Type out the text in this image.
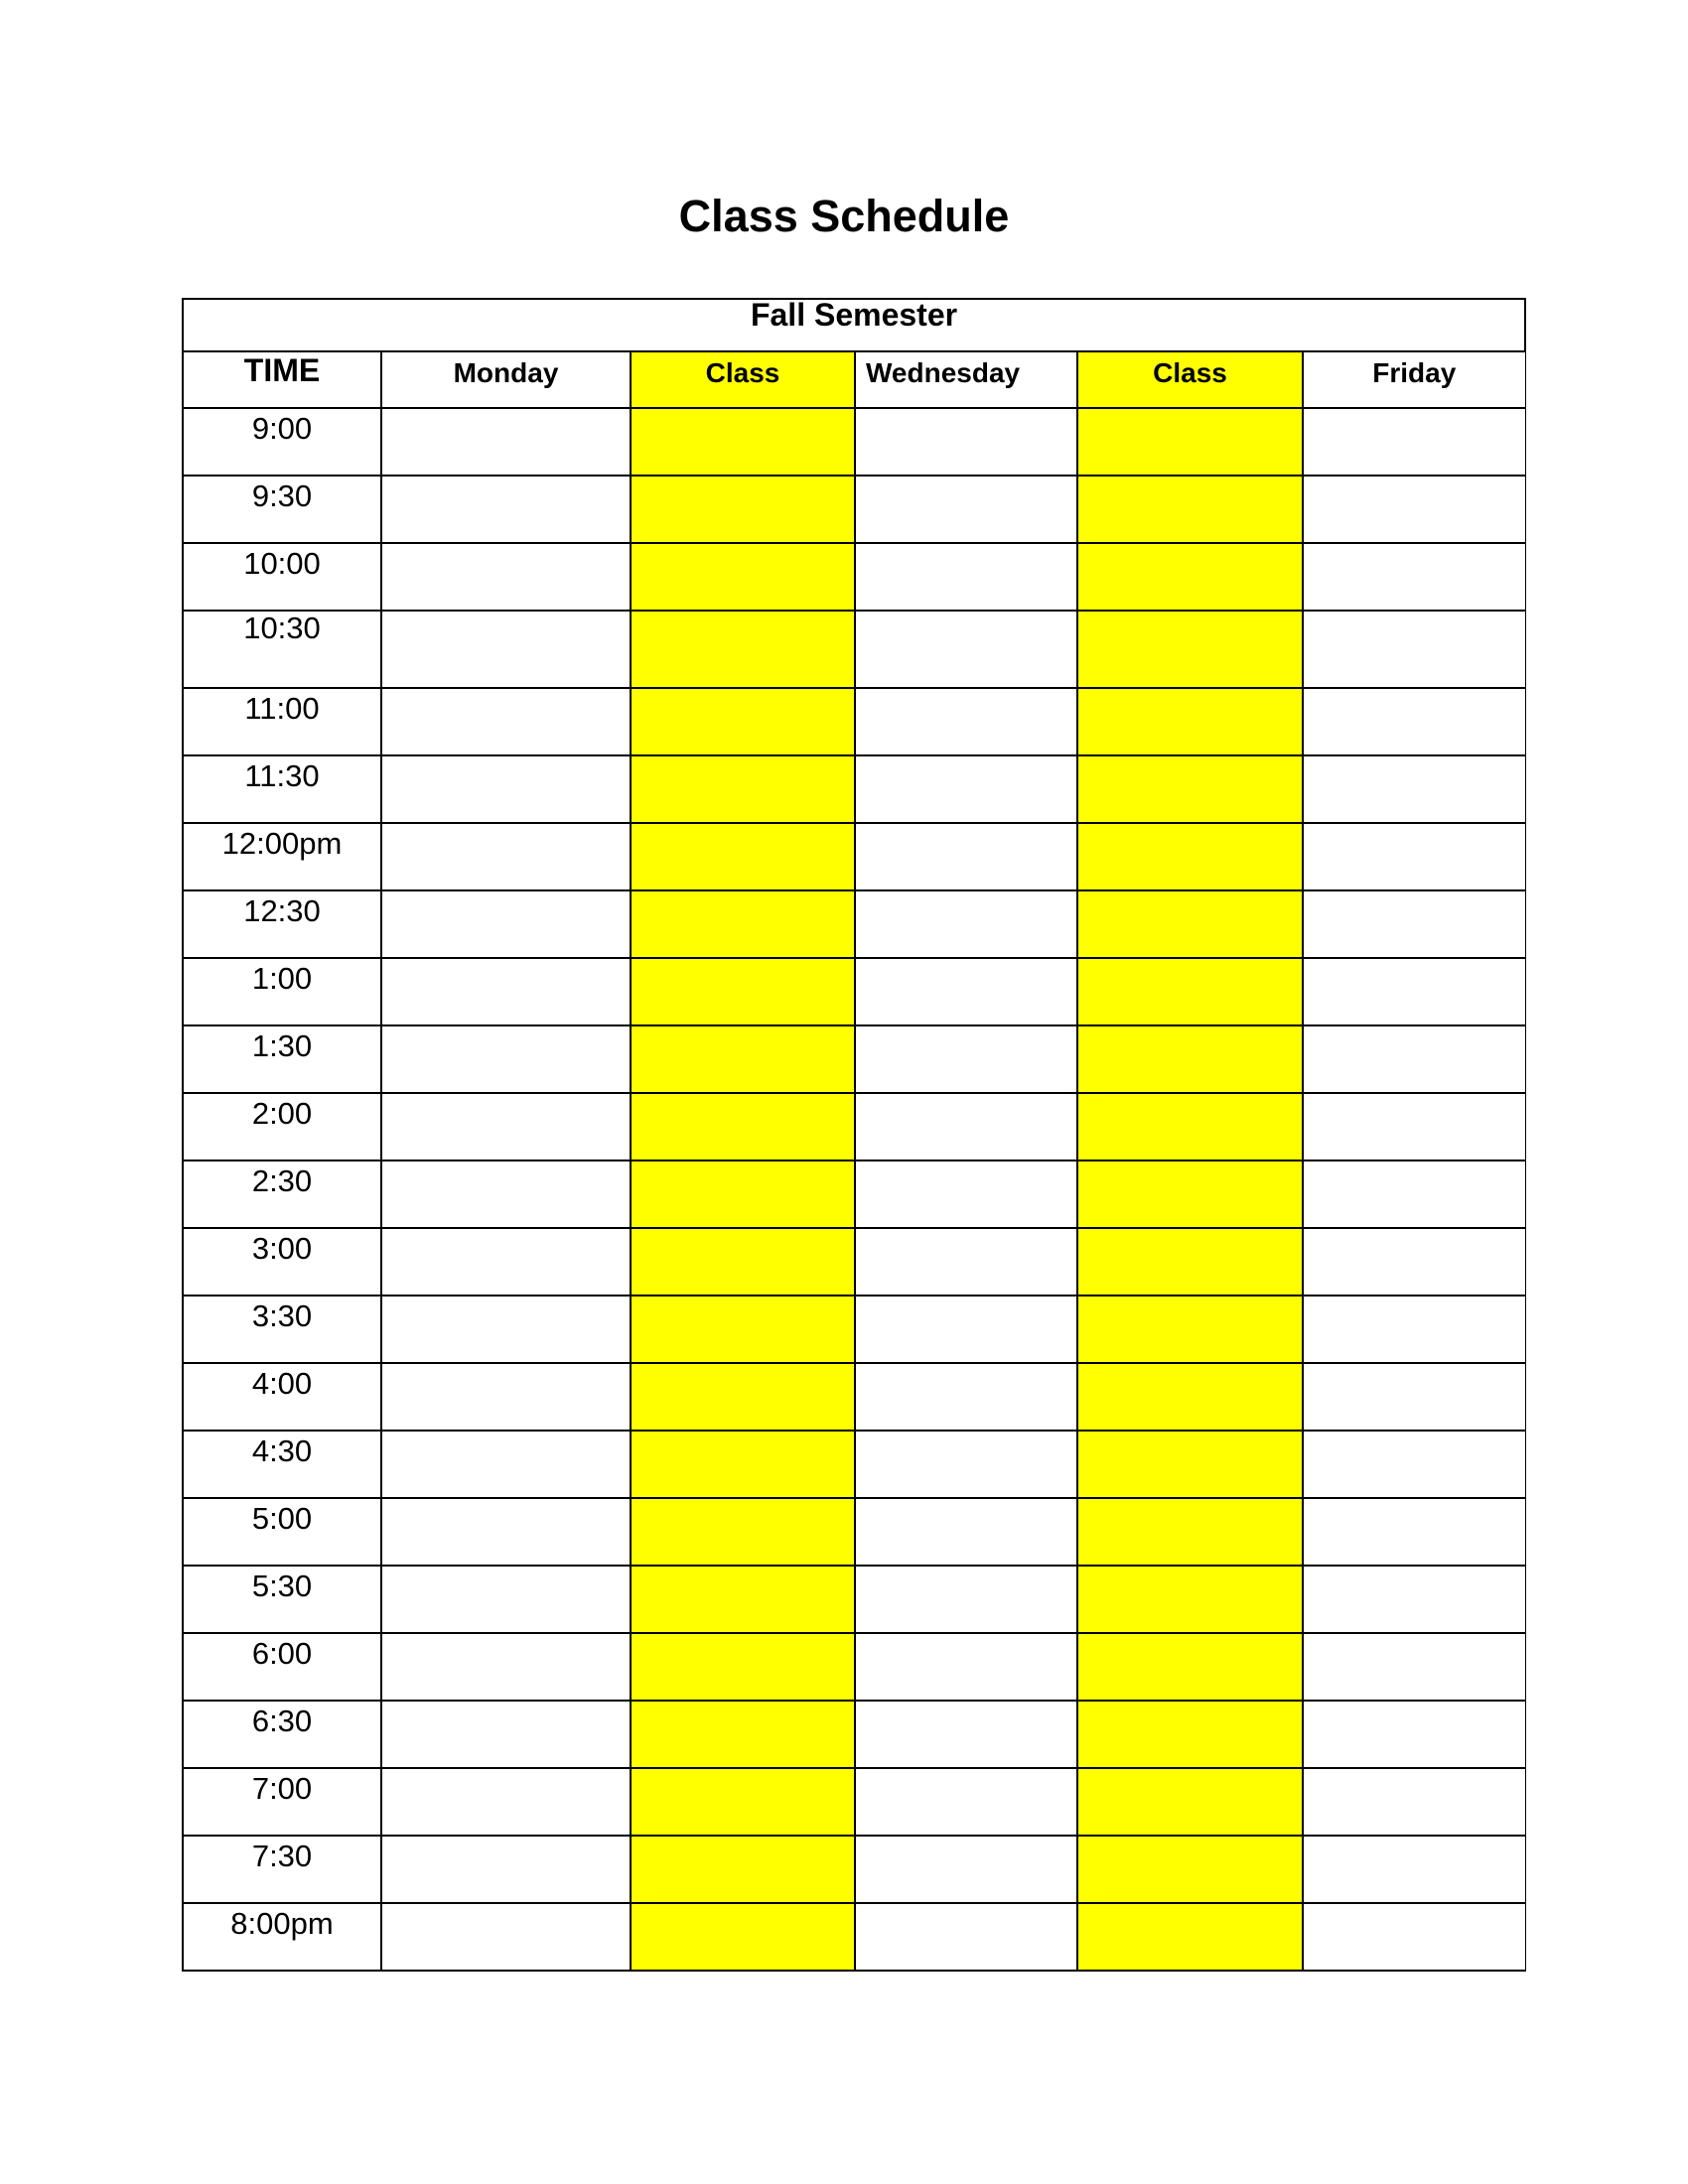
Class Schedule
Fall Semester					
TIME	Monday	Class	Wednesday	Class	Friday
9:00					
9:30					
10:00					
10:30					
11:00					
11:30					
12:00pm					
12:30					
1:00					
1:30					
2:00					
2:30					
3:00					
3:30					
4:00					
4:30					
5:00					
5:30					
6:00					
6:30					
7:00					
7:30					
8:00pm					
